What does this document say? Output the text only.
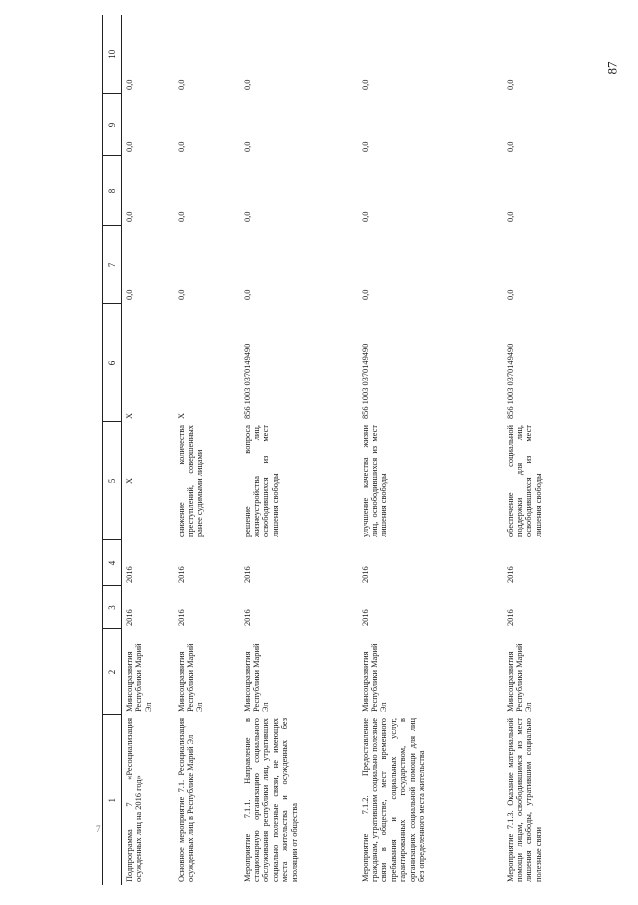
87
7
1	2	3	4	5	6	7	8	9	10
Подпрограмма 7 «Ресоциализация осужденных лиц на 2016 год»	Минсоцразвития Республики Марий Эл	2016	2016	X	X	0,0	0,0	0,0	0,0
Основное мероприятие 7.1. Ресоциализация осужденных лиц в Республике Марий Эл	Минсоцразвития Республики Марий Эл	2016	2016	снижение количества преступлений, совершенных ранее судимыми лицами	X	0,0	0,0	0,0	0,0
Мероприятие 7.1.1. Направление в стационарную организацию социального обслуживания республики лиц, утративших социально полезные связи, не имеющих места жительства и осужденных без изоляции от общества	Минсоцразвития Республики Марий Эл	2016	2016	решение вопроса жизнеустройства лиц, освободившихся из мест лишения свободы	856 1003 0370149490	0,0	0,0	0,0	0,0
Мероприятие 7.1.2. Предоставление гражданам, утратившим социально полезные связи в обществе, мест временного пребывания и социальных услуг, гарантированных государством, в организациях социальной помощи для лиц без определенного места жительства	Минсоцразвития Республики Марий Эл	2016	2016	улучшение качества жизни лиц, освободившихся из мест лишения свободы	856 1003 0370149490	0,0	0,0	0,0	0,0
Мероприятие 7.1.3. Оказание материальной помощи лицам, освободившимся из мест лишения свободы, утратившим социально полезные связи	Минсоцразвития Республики Марий Эл	2016	2016	обеспечение социальной поддержки для лиц, освободившихся из мест лишения свободы	856 1003 0370149490	0,0	0,0	0,0	0,0
